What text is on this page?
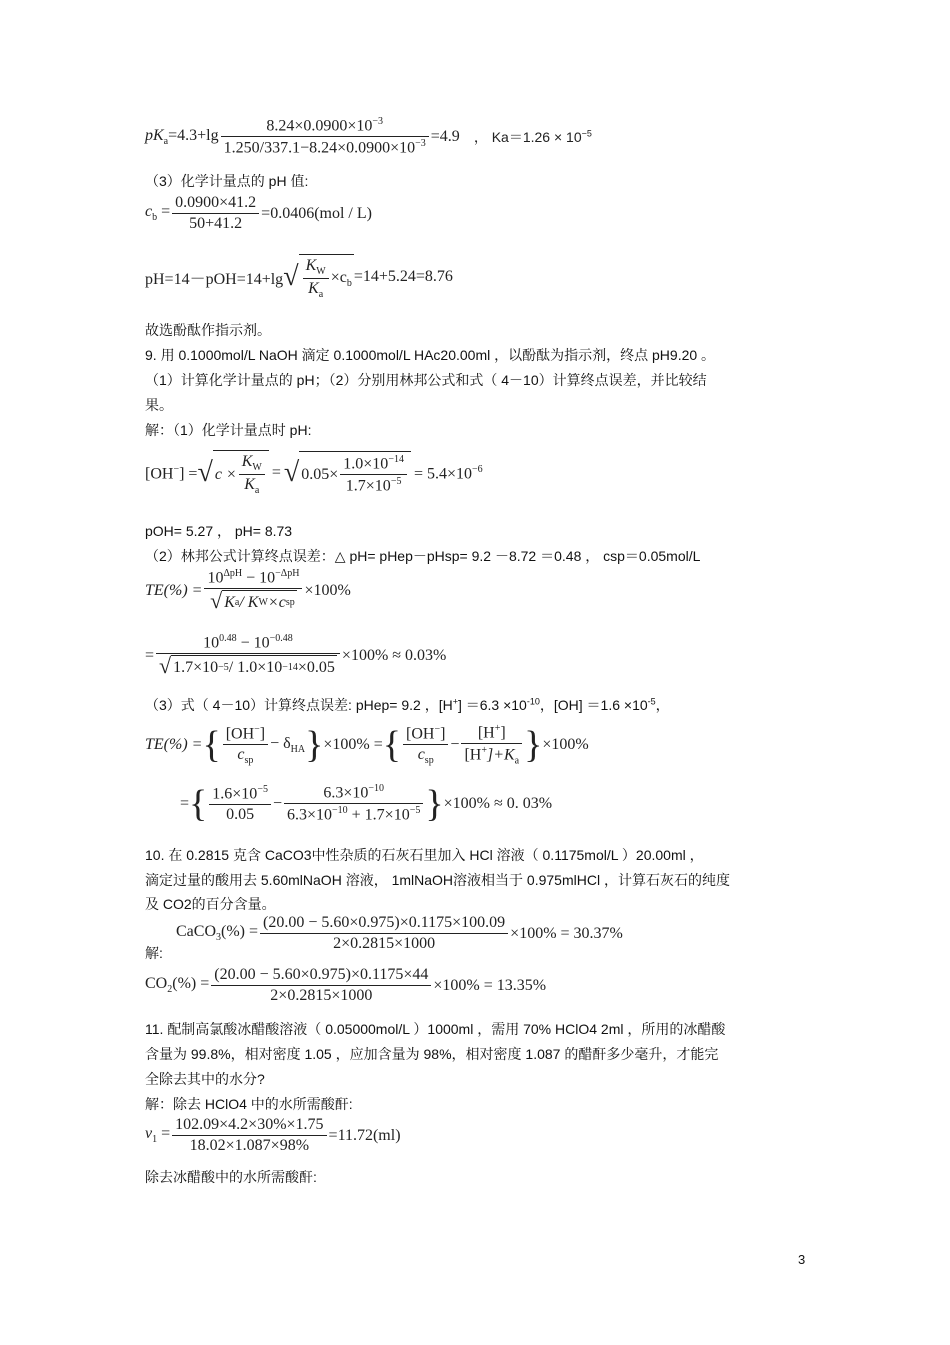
$pK_a=4.3+\lg \frac{8.24\times 0.0900\times 10^{-3}}{1.250/337.1-8.24\times 0.0900\times 10^{-3}} =4.9$ ， $Ka=1.26 \times 10^{-5}$
（3）化学计量点的 pH 值:
$c_b = \frac{0.0900\times 41.2}{50+41.2} =0.0406(mol / L)$
pH=14－pOH=14+lg √ $\frac{K_W}{K_a} \times c_b =14+5.24=8.76$
故选酚酞作指示剂。
9. 用 0.1000mol/L NaOH 滴定 0.1000mol/L HAc20.00ml ，以酚酞为指示剂，终点 pH9.20 。
（1）计算化学计量点的 pH；（2）分别用林邦公式和式（ 4－10）计算终点误差，并比较结
果。
解：（1）化学计量点时 pH:
[OH−] = √ $c \times \frac{K_W}{K_a}$ = √ $0.05\times \frac{1.0\times 10^{-14}}{1.7\times 10^{-5}} = 5.4\times 10^{-6}$
pOH= 5.27 ， pH= 8.73
（2）林邦公式计算终点误差：△ pH= pHep－pHsp= 9.2 －8.72 ＝0.48 ， csp＝0.05mol/L
$TE(\%) = \frac{10^{\Delta pH} - 10^{-\Delta pH}}{\text{√ K a / K W ×c sp}} \times 100\%$
= $\frac{10^{0.48} - 10^{-0.48}}{√ 1.7\times 10 -5 / 1.0\times 10 -14 \times 0.05} \times 100\% \approx 0.03\%$
（3）式（ 4－10）计算终点误差: pHep= 9.2 ，$[H^+] =6.3 \times 10^{-10}$，$[OH] =1.6 \times 10^{-5}$，
TE(%) = { $\frac{[OH^-]}{c_{sp}} - \delta_{HA}$ } ×100% = { $\frac{[OH^-]}{c_{sp}} - \frac{[H^+]}{[H^+]+K_a}$ } ×100%
= { $\frac{1.6\times 10^{-5}}{0.05} - \frac{6.3\times 10^{-10}}{6.3\times 10^{-10} + 1.7\times 10^{-5}}$ } ×100% ≈ 0. 03%
10. 在 0.2815 克含 CaCO3中性杂质的石灰石里加入 HCl 溶液（ 0.1175mol/L ）20.00ml ，
滴定过量的酸用去 5.60mlNaOH 溶液， 1mlNaOH溶液相当于 0.975mlHCl ，计算石灰石的纯度
及 CO2的百分含量。
解:
CaCO$_3$(%) = $\frac{(20.00 - 5.60\times 0.975)\times 0.1175\times 100.09}{2\times 0.2815\times 1000} \times 100\% = 30.37\%$
$CO_2(\%) = \frac{(20.00 - 5.60\times 0.975)\times 0.1175\times 44}{2\times 0.2815\times 1000} \times 100\% = 13.35\%$
11. 配制高氯酸冰醋酸溶液（ 0.05000mol/L ）1000ml ，需用 70% HClO4 2ml ，所用的冰醋酸
含量为 99.8%，相对密度 1.05 ，应加含量为 98%，相对密度 1.087 的醋酐多少毫升，才能完
全除去其中的水分?
解：除去 HClO4 中的水所需酸酐:
$v_1 = \frac{102.09\times 4.2\times 30\%\times 1.75}{18.02\times 1.087\times 98\%} =11.72(ml)$
除去冰醋酸中的水所需酸酐:
3
